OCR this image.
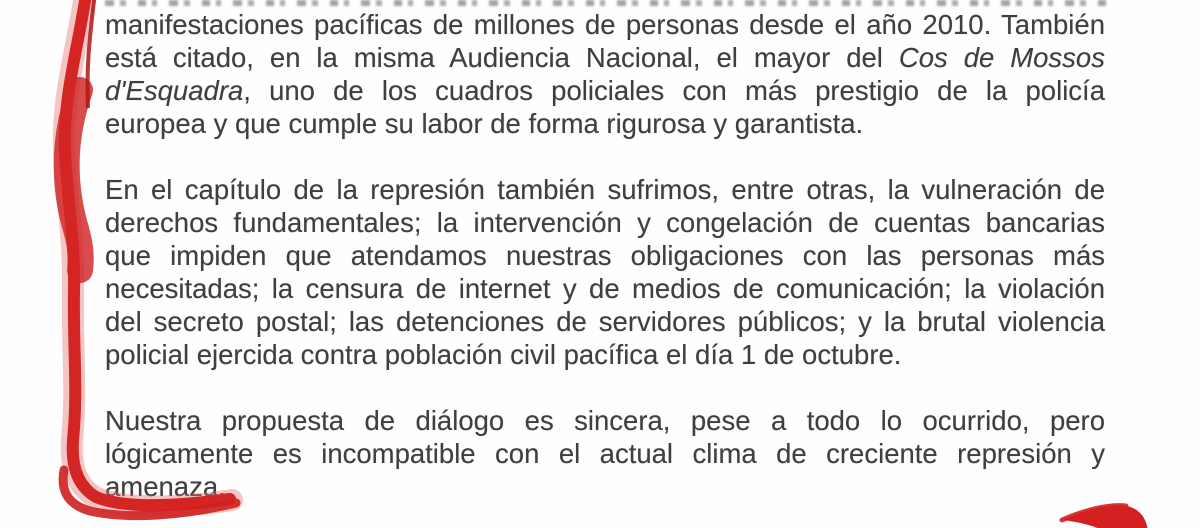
manifestaciones pacíficas de millones de personas desde el año 2010. También
está citado, en la misma Audiencia Nacional, el mayor del Cos de Mossos
d'Esquadra, uno de los cuadros policiales con más prestigio de la policía
europea y que cumple su labor de forma rigurosa y garantista.
En el capítulo de la represión también sufrimos, entre otras, la vulneración de
derechos fundamentales; la intervención y congelación de cuentas bancarias
que impiden que atendamos nuestras obligaciones con las personas más
necesitadas; la censura de internet y de medios de comunicación; la violación
del secreto postal; las detenciones de servidores públicos; y la brutal violencia
policial ejercida contra población civil pacífica el día 1 de octubre.
Nuestra propuesta de diálogo es sincera, pese a todo lo ocurrido, pero
lógicamente es incompatible con el actual clima de creciente represión y
amenaza.
